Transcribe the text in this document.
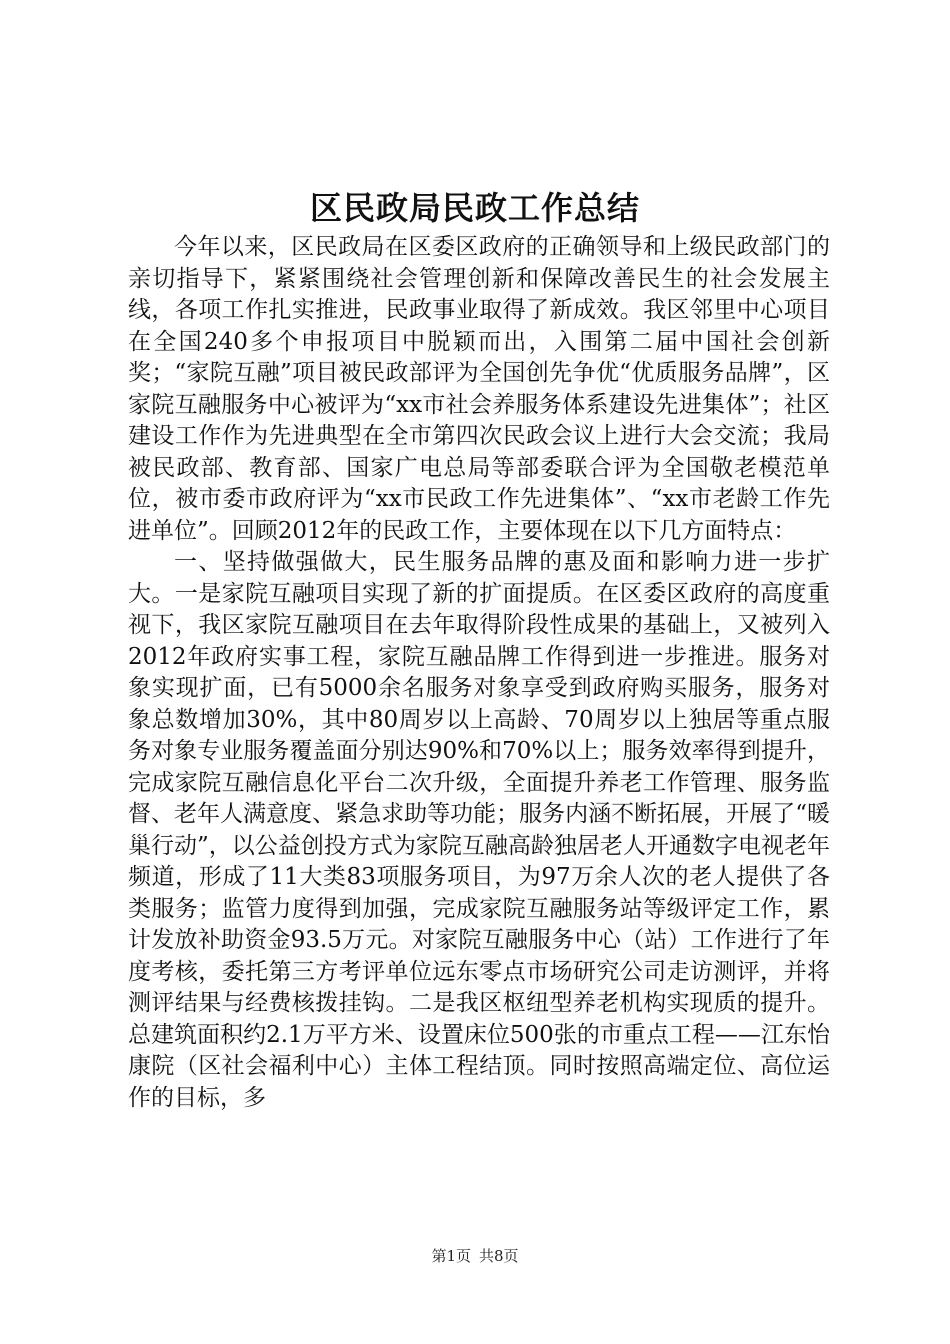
区民政局民政工作总结

今年以来，区民政局在区委区政府的正确领导和上级民政部门的亲切指导下，紧紧围绕社会管理创新和保障改善民生的社会发展主线，各项工作扎实推进，民政事业取得了新成效。我区邻里中心项目在全国240多个申报项目中脱颖而出，入围第二届中国社会创新奖；“家院互融”项目被民政部评为全国创先争优“优质服务品牌”，区家院互融服务中心被评为“xx市社会养服务体系建设先进集体”；社区建设工作作为先进典型在全市第四次民政会议上进行大会交流；我局被民政部、教育部、国家广电总局等部委联合评为全国敬老模范单位，被市委市政府评为“xx市民政工作先进集体”、“xx市老龄工作先进单位”。回顾2012年的民政工作，主要体现在以下几方面特点：

一、坚持做强做大，民生服务品牌的惠及面和影响力进一步扩大。一是家院互融项目实现了新的扩面提质。在区委区政府的高度重视下，我区家院互融项目在去年取得阶段性成果的基础上，又被列入2012年政府实事工程，家院互融品牌工作得到进一步推进。服务对象实现扩面，已有5000余名服务对象享受到政府购买服务，服务对象总数增加30%，其中80周岁以上高龄、70周岁以上独居等重点服务对象专业服务覆盖面分别达90%和70%以上；服务效率得到提升，完成家院互融信息化平台二次升级，全面提升养老工作管理、服务监督、老年人满意度、紧急求助等功能；服务内涵不断拓展，开展了“暖巢行动”，以公益创投方式为家院互融高龄独居老人开通数字电视老年频道，形成了11大类83项服务项目，为97万余人次的老人提供了各类服务；监管力度得到加强，完成家院互融服务站等级评定工作，累计发放补助资金93.5万元。对家院互融服务中心（站）工作进行了年度考核，委托第三方考评单位远东零点市场研究公司走访测评，并将测评结果与经费核拨挂钩。二是我区枢纽型养老机构实现质的提升。总建筑面积约2.1万平方米、设置床位500张的市重点工程——江东怡康院（区社会福利中心）主体工程结顶。同时按照高端定位、高位运作的目标，多

第1页 共8页
